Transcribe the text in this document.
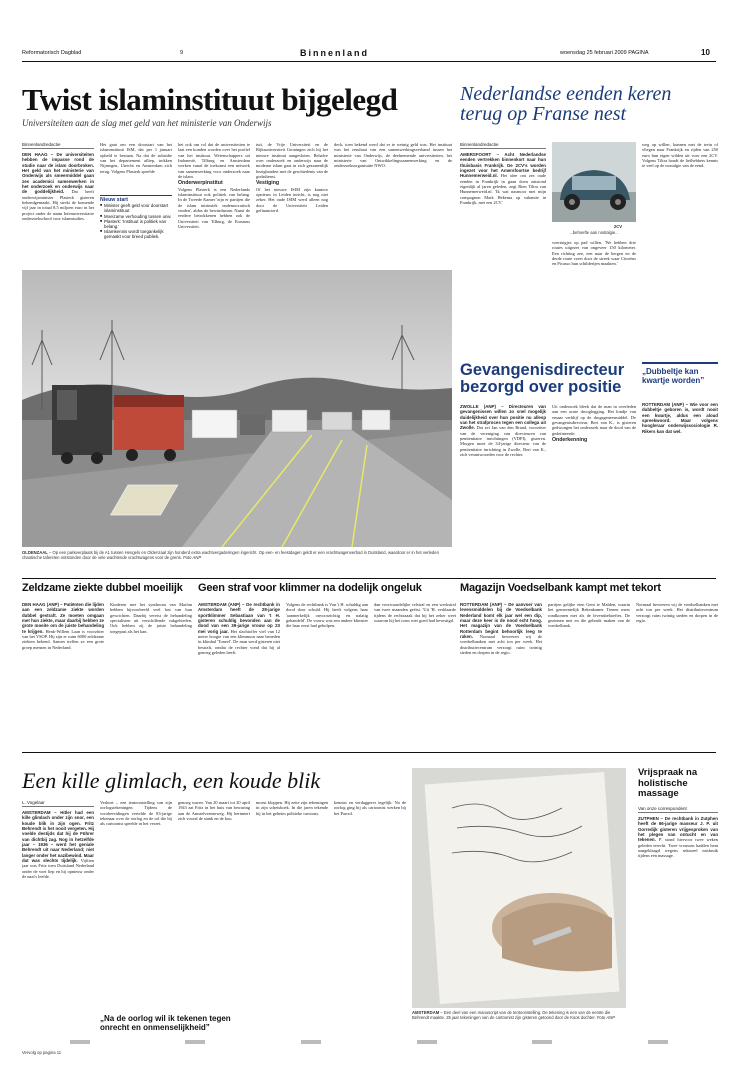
Reformatorisch Dagblad	9	Binnenland	woensdag 25 februari 2009 PAGINA	10
Twist islaminstituut bijgelegd
Universiteiten aan de slag met geld van het ministerie van Onderwijs
Nederlandse eenden keren terug op Franse nest
Binnenlandredactie
DEN HAAG – De universiteiten hebben de impasse rond de studie naar de islam doorbroken. Het geld van het ministerie van Onderwijs als smeermiddel gaan zes academici samenwerken in het onderzoek en onderwijs naar de goddelijkheid. Dat heeft onderwijsminister Plasterk gisteren bekendgemaakt. Hij strekt de komende vijf jaar in totaal 8,5 miljoen euro in het project onder de naam Interuniversitaire onderzoekschool voor islamstudies.
Het gaat om een doorstart van het islaminstituut ISM, dat per 1 januari opheld te bestaan. Na dat de subsidie van het departement afliep, trokken Nijmegen, Utrecht en Amsterdam zich terug. Volgens Plasterk speelde
Nieuw start
■ Minister geeft geld voor doorstart islaminstituut
■ Moeizame verhouding tussen univ.
■ Plasterk: 'Instituut is politiek van belang.'
■ Islamkennis wordt toegankelijk gemaakt voor breed publiek.
het ook om rol dat de universiteiten te laat een konden worden over het profiel van het instituut. Wetenschappers uit Indonesië, Tilburg en Amsterdam werken vanaf de toekomst een netwerk van samenwerking voor onderzoek naar de islam.
Onderwerpinstitut
Volgens Plasterk is een Nederlands islaminstituut ook politiek van belang. In de Tweede Kamer 'zijn er partijen die de islam intrinsiek ondemocratisch vinden', aldus de bewindsman. Naast de eerdere betrokkenen hebben ook de Universiteit van Tilburg, de Erasmus Universiteit.
tuit, de Vrije Universiteit en de Rijksuniversiteit Groningen zich bij het nieuwe instituut aangesloten. Behalve over onderzoek en onderwijs naar de moderne islam gaat in zich gezamenlijk bezighouden met de geschiedenis van de godsdienst.
Vestiging
Of het nieuwe ISIM zijn kantoor opnieuw in Leiden inricht, is nog niet zeker. Het oude ISIM werd alleen nog door de Universiteit Leiden gefinancierd.
deck, toen bekend werd dat er te weinig geld was. Het instituut was het resultaat van een samenwerkingsverband tussen het ministerie van Onderwijs, de deelnemende universiteiten, het ministerie van Ontwikkelingssamenwerking en de onderzoeksorganisatie NWO.
OLDENZAAL – Op een parkeerplaats bij de A1 tussen Hengelo en Oldenzaal zijn honderd extra wachtvergaderingen ingericht. Op een- en feestdagen geldt er een vrachtwagenverbod in Duitsland, waardoor er in het verleden chaotische taferelen ontstonden door de vele wachtende vrachtwagens voor de grens. Foto ANP
Binnenlandredactie
AMERSFOORT – Acht Nederlandse eenden vertrekken binnenkort naar hun thuisbasis Frankrijk. De 2CV's worden ingezet voor het Amersfoortse bedrijf Hunnemerweid.nl. Het idee om zes oude eenden in Frankrijk in gaan doen ontstond eigenlijk al jaren geleden, zegt Rien Tiltra van Hunnemerweid.nl. 'Ik wat nasmoor met mijn compagnon Mark Hekema op vakantie in Frankrijk, met een 2CV.'
2CV
...behoefte aan nostalgie...
voertuigjes op pad willen. 'We hebben drie routes uitgezet van ongeveer 150 kilometer. Een richting zee, een naar de bergen en de derde route voert door de streek waar Citroëns en Picasso hun schilderijen maakten.'
weg op willen, kunnen met de trein of vliegen naar Frankrijk en rijden van 250 euro hun eigen wilden uit voor een 2CV. Volgens Tiltra houdt de liefhebbers kennis te veel op de nostalgie van de eend.
Gevangenisdirecteur bezorgd over positie
ZWOLLE (ANP) – Directeuren van gevangenissen willen zo snel mogelijk duidelijkheid over hun positie nu allesp van het strafproces tegen een collega uit Zwolle. Dat zei Jan van den Brand, voorzitter van de vereniging van directeuren van penitentiaire inrichtingen (VDPI), gisteren. Morgen moet de 34-jarige directeur van de penitentiaire inrichting in Zwolle, Bert van K., zich verantwoorden voor de rechter.
Uit onderzoek bleek dat de man in overleden aan een acute drooglegging. Het kindje van ernaar verblijf op de drugsgeneesmiddel. De gevangenisdirecteur, Bert van K., is gisteren gedwongen het onderzoek naar de dood van de gedetineerde.
Onderkenning
„Dubbeltje kan kwartje worden”
ROTTERDAM (ANP) – Wie voor een dubbeltje geboren is, wordt nooit een kwartje, aldus een aloud spreekwoord. Maar volgens hoogleraar onderwijssociologie R. Rikers kan dat wel.
Zeldzame ziekte dubbel moeilijk
DEN HAAG (ANP) – Patiënten die lijden aan een zeldzame ziekte worden dubbel gestraft. Ze moeten omgaan met hun ziekte, maar daarbij hebben ze grote moeite om de juiste behandeling te krijgen. Henk-Willem Laan is voorzitter van het VSOP. Hij zijn er ruim 6000 zeldzame ziekten bekend. Samen treffen ze een grote groep mensen in Nederland.
Kinderen met het syndroom van Marfan hebben bijvoorbeeld veel last van hun gewrichten. Daarbij vereist de behandeling specialisten uit verschillende vakgebieden. Ook hebben zij de juiste behandeling toegepast als het kan.
Geen straf voor klimmer na dodelijk ongeluk
AMSTERDAM (ANP) – De rechtbank in Amsterdam heeft de 28-jarige sportklimmer Sebastiaan van 't H. gisteren schuldig bevonden aan de dood van een 39-jarige vrouw op 23 mei vorig jaar. Het slachtoffer viel van 12 meter hoogte van een klimmuur naar beneden in klimhal 'Toneel'. De man werd gisteren niet bestraft, omdat de rechter vond dat hij al genoeg geleden heeft.
Volgens de rechtbank is Van 't H. schuldig aan dood door schuld. Hij heeft volgens haar 'aanmerkelijk onvoorzichtig en nalatig gehandeld'. De vrouw was een andere klimster die haar eerst had geholpen.
dan voorwaardelijke celstraf en een werkstraf van twee maanden geëist. 'Uit 'H. verklaarde tijdens de rechtszaak dat hij het zeker weet waarom hij het touw niet goed had bevestigd.
Magazijn Voedselbank kampt met tekort
ROTTERDAM (ANP) – De aanvoer van levensmiddelen bij de Voedselbank Nederland komt elk jaar wel een dip, maar deze keer is de nood echt hoog. Het magazijn van de Voedselbank Rotterdam begint behoorlijk leeg te raken. Normaal beweeren wij de voedselbanken met acht ton per week. Het distributiecentrum verzorgt ruim twintig steden en dorpen in de regio.
partijen gelijke eten Gent te Malden, waarin het gemeentelijk Rekenkamer Tienen meer rondkomen met als de levensbehoeftes. De gezinnen met en die gebruik maken van de voedselbank.
Normaal beweeren wij de voedselbanken met acht ton per week. Het distributiecentrum verzorgt ruim twintig steden en dorpen in de regio.
Een kille glimlach, een koude blik
L. Vogelaar
AMSTERDAM – Hitler had een kille glimlach onder zijn snor, een koude blik in zijn ogen. Fritz Behrendt is het nooit vergeten. Hij voelde destijds dat hij de Führer van dichtbij zag. Nog in hetzelfde jaar – 1936 – werd het geniale Behrendt uit naar Nederland; niet langer onder het nazibewind. Maar dat was slechts tijdelijk. Vijftien jaar was Fritz toen Duitsland Nederland onder de voet liep en hij opnieuw onder de nazi's leefde.
Verhoet – een tentoonstelling van zijn oorlogstekeningen. Tijdens de voorbereidingen vertelde de 83-jarige tekenaar over de oorlog en de rol die hij als cartoonist speelde in het verzet.
genoeg waren. Van 20 maart tot 20 april 1943 zat Fritz in het huis van bewaring aan de Amstelveenseweg. Hij herinnert zich vooral de stank en de kou.
moest kloppen. Hij zette zijn tekeningen in zijn schetsboek. In die jaren tekende hij in het geheim politieke cartoons.
kennist en verdaggerer tegelijk. Na de oorlog ging hij als cartoonist werken bij het Parool.
„Na de oorlog wil ik tekenen tegen onrecht en onmenselijkheid”
AMSTERDAM – Een deel van een manuscript van de tentoonstelling. De tekening is een van de eerste die Behrendt maakte. 25 jaar tekeningen van de cartoonist zijn gisteren getoond door de Koos dochter. Foto ANP
Vrijspraak na holistische massage
Van onze correspondent
ZUTPHEN – De rechtbank in Zutphen heeft de 66-jarige masseur J. P. uit Gorredijk gisteren vrijgesproken van het plegen van ontucht en van tekenen. P. stond hiervoor twee weken geleden terecht. Twee vrouwen hadden hem aangeklaagd wegens seksueel misbruik tijdens een massage.
Vervolg op pagina 11
